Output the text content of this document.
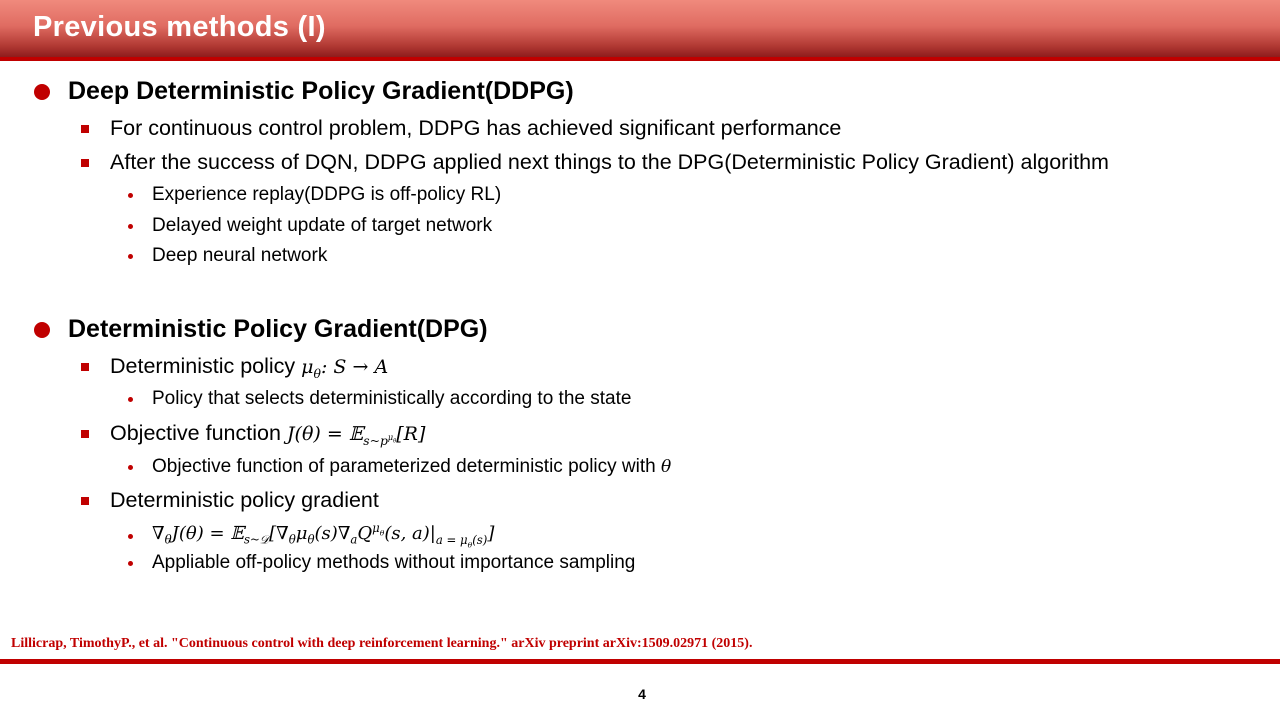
Previous methods (I)
Deep Deterministic Policy Gradient(DDPG)
For continuous control problem, DDPG has achieved significant performance
After the success of DQN, DDPG applied next things to the DPG(Deterministic Policy Gradient) algorithm
Experience replay(DDPG is off-policy RL)
Delayed weight update of target network
Deep neural network
Deterministic Policy Gradient(DPG)
Deterministic policy $\mu_\theta$: S → A
Policy that selects deterministically according to the state
Objective function J(θ) = 𝔼$_{s\sim p^{\mu_\theta}}$[R]
Objective function of parameterized deterministic policy with θ
Deterministic policy gradient
$\nabla_\theta J(\theta)$ = $𝔼_{s\sim 𝒟}[\nabla_\theta\mu_\theta(s)\nabla_aQ^{\mu_\theta}(s$, $a)|_{a = \mu_\theta(s)}$]
Appliable off-policy methods without importance sampling
Lillicrap, TimothyP., et al. "Continuous control with deep reinforcement learning." arXiv preprint arXiv:1509.02971 (2015).
4
